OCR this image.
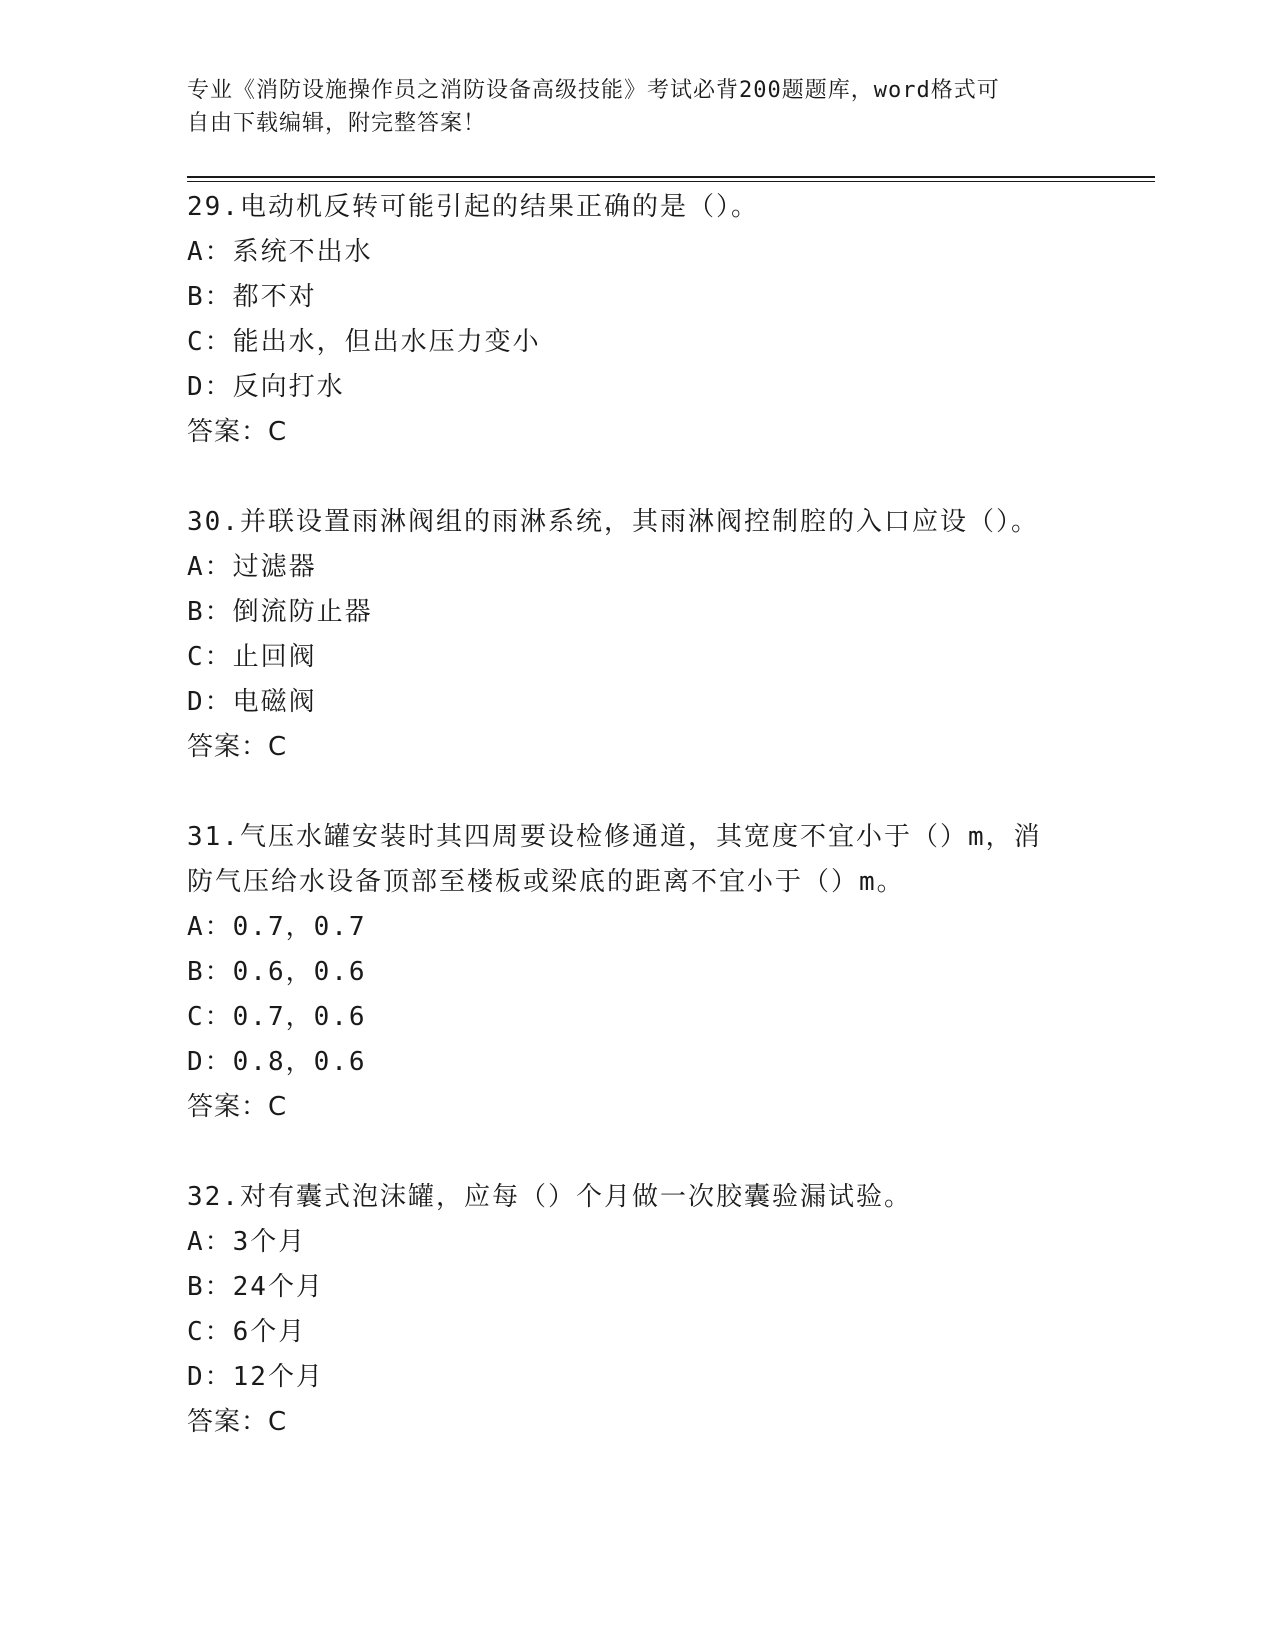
专业《消防设施操作员之消防设备高级技能》考试必背200题题库，word格式可
自由下载编辑，附完整答案！
29.电动机反转可能引起的结果正确的是（）。
A：系统不出水
B：都不对
C：能出水，但出水压力变小
D：反向打水
答案：C
30.并联设置雨淋阀组的雨淋系统，其雨淋阀控制腔的入口应设（）。
A：过滤器
B：倒流防止器
C：止回阀
D：电磁阀
答案：C
31.气压水罐安装时其四周要设检修通道，其宽度不宜小于（）m，消
防气压给水设备顶部至楼板或梁底的距离不宜小于（）m。
A：0.7，0.7
B：0.6，0.6
C：0.7，0.6
D：0.8，0.6
答案：C
32.对有囊式泡沫罐，应每（）个月做一次胶囊验漏试验。
A：3个月
B：24个月
C：6个月
D：12个月
答案：C
